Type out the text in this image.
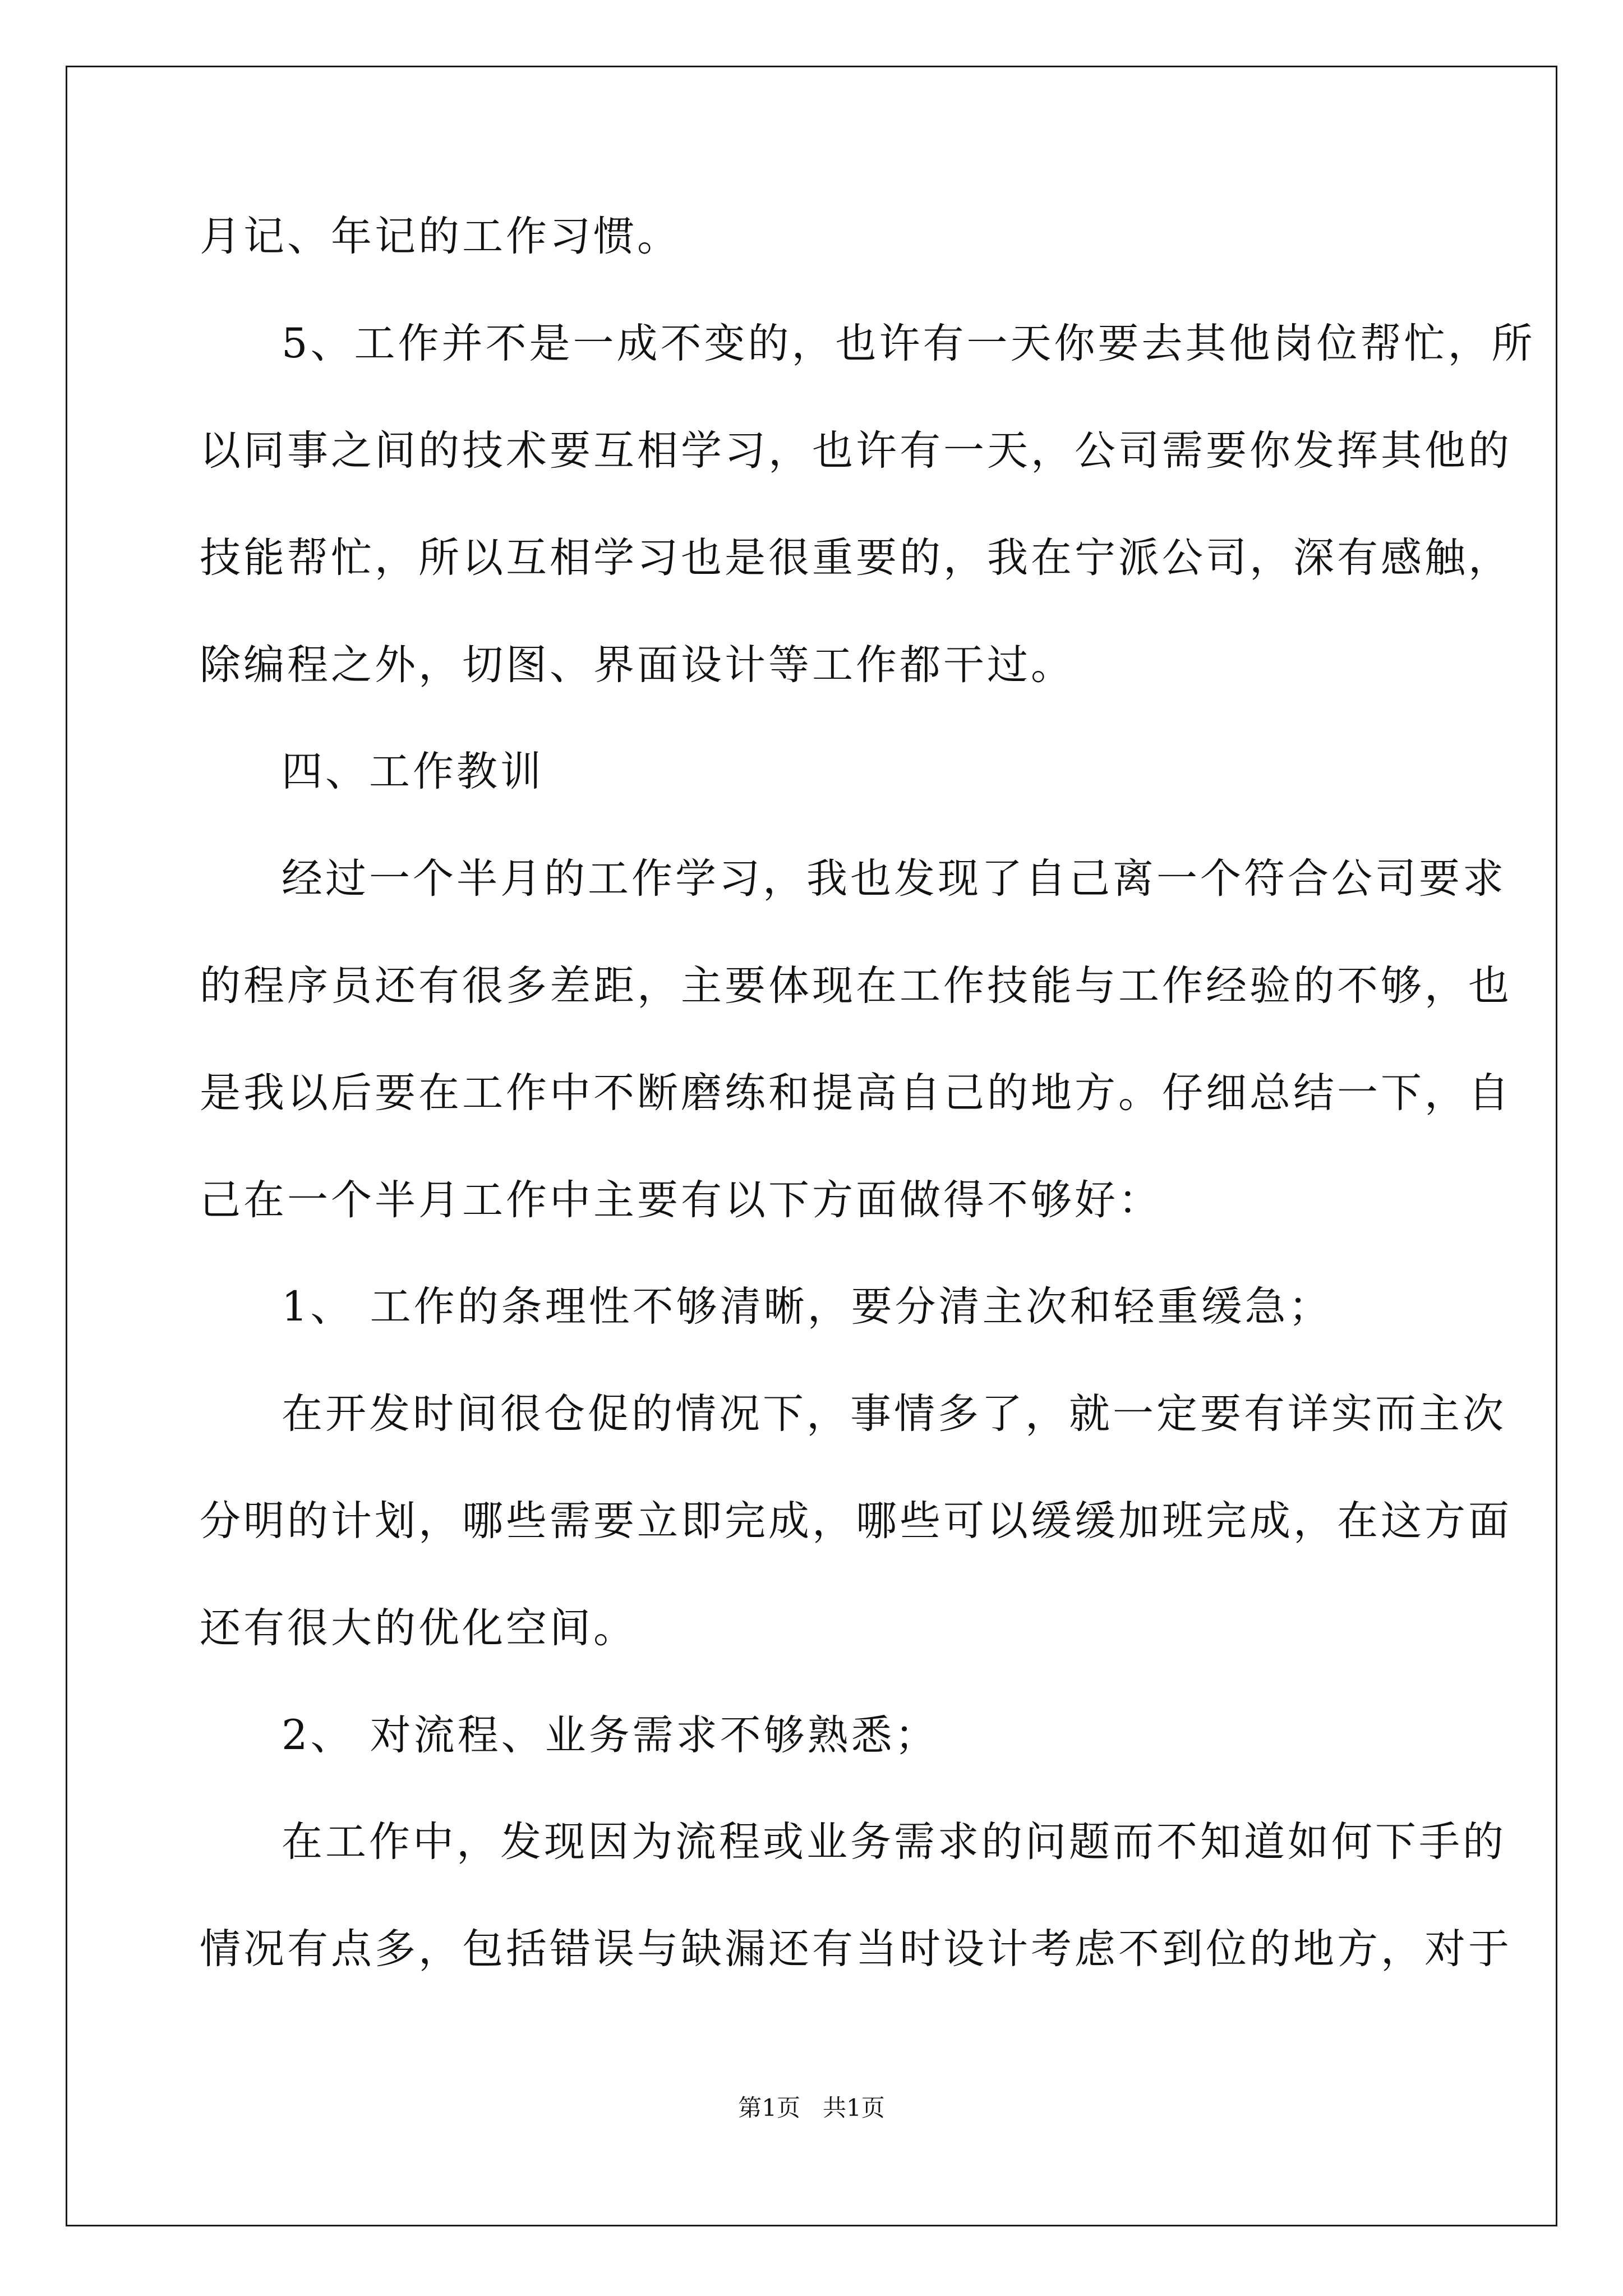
月记、年记的工作习惯。
5、工作并不是一成不变的，也许有一天你要去其他岗位帮忙，所
以同事之间的技术要互相学习，也许有一天，公司需要你发挥其他的
技能帮忙，所以互相学习也是很重要的，我在宁派公司，深有感触，
除编程之外，切图、界面设计等工作都干过。
四、工作教训
经过一个半月的工作学习，我也发现了自己离一个符合公司要求
的程序员还有很多差距，主要体现在工作技能与工作经验的不够，也
是我以后要在工作中不断磨练和提高自己的地方。仔细总结一下，自
己在一个半月工作中主要有以下方面做得不够好：
1、 工作的条理性不够清晰，要分清主次和轻重缓急；
在开发时间很仓促的情况下，事情多了，就一定要有详实而主次
分明的计划，哪些需要立即完成，哪些可以缓缓加班完成，在这方面
还有很大的优化空间。
2、 对流程、业务需求不够熟悉；
在工作中，发现因为流程或业务需求的问题而不知道如何下手的
情况有点多，包括错误与缺漏还有当时设计考虑不到位的地方，对于
第1页   共1页
